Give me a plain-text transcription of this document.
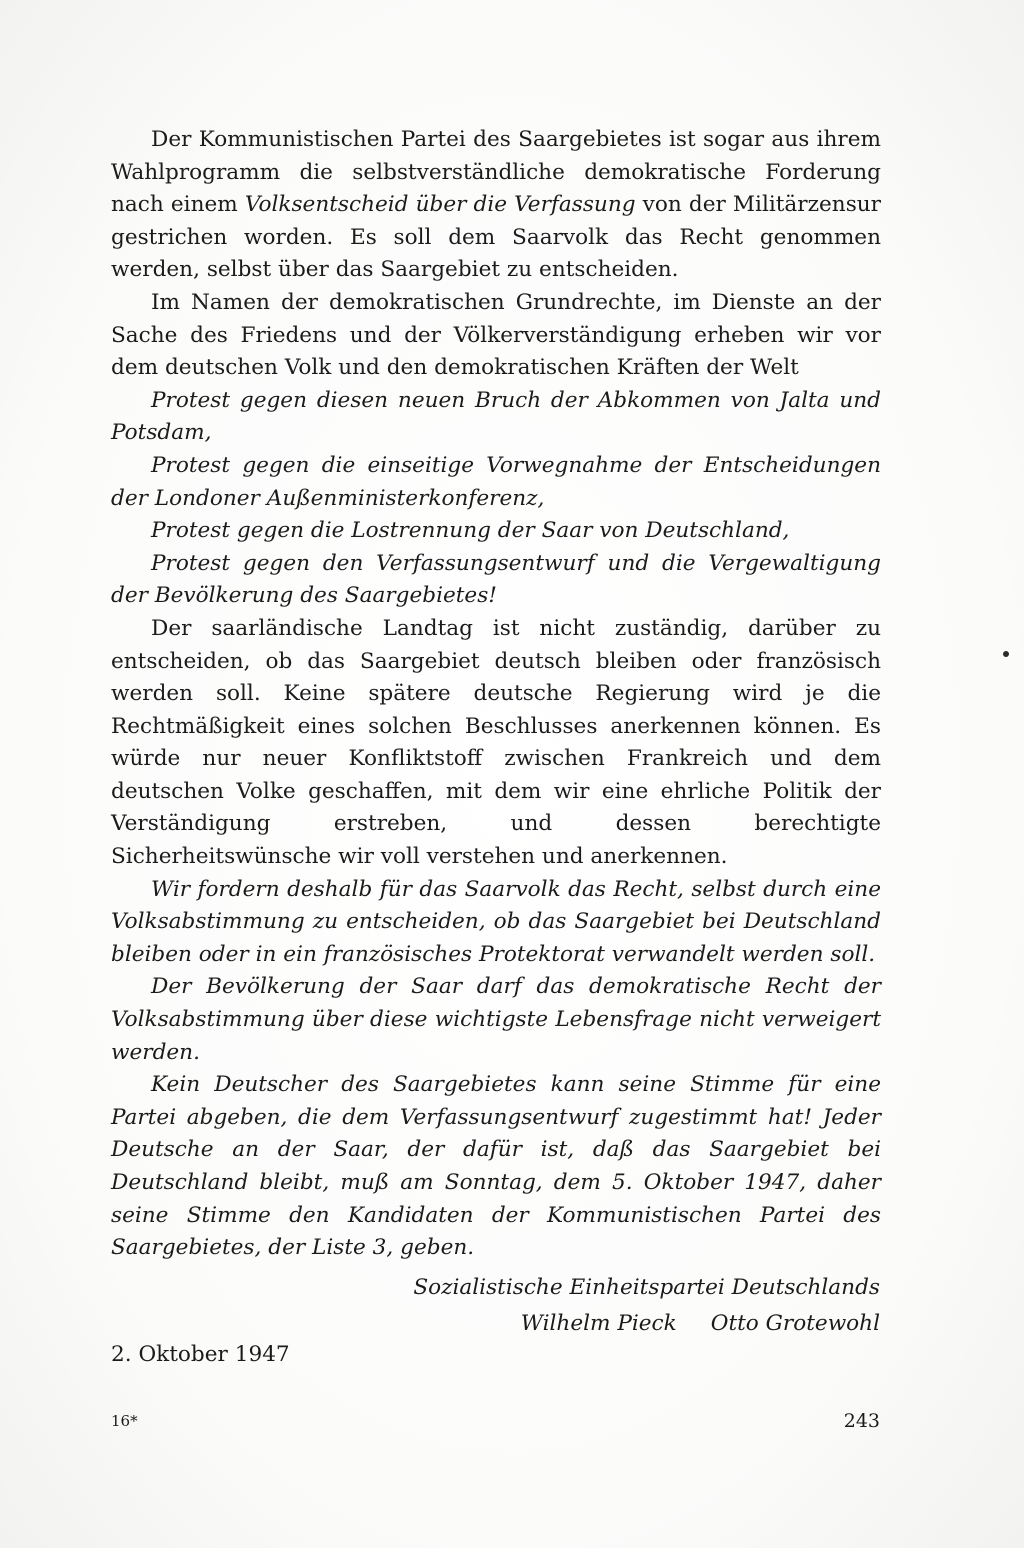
Der Kommunistischen Partei des Saargebietes ist sogar aus ihrem Wahlprogramm die selbstverständliche demokratische Forderung nach einem Volksentscheid über die Verfassung von der Militärzensur gestrichen worden. Es soll dem Saarvolk das Recht genommen werden, selbst über das Saargebiet zu entscheiden.

Im Namen der demokratischen Grundrechte, im Dienste an der Sache des Friedens und der Völkerverständigung erheben wir vor dem deutschen Volk und den demokratischen Kräften der Welt

Protest gegen diesen neuen Bruch der Abkommen von Jalta und Potsdam,

Protest gegen die einseitige Vorwegnahme der Entscheidungen der Londoner Außenministerkonferenz,

Protest gegen die Lostrennung der Saar von Deutschland,

Protest gegen den Verfassungsentwurf und die Vergewaltigung der Bevölkerung des Saargebietes!

Der saarländische Landtag ist nicht zuständig, darüber zu entscheiden, ob das Saargebiet deutsch bleiben oder französisch werden soll. Keine spätere deutsche Regierung wird je die Rechtmäßigkeit eines solchen Beschlusses anerkennen können. Es würde nur neuer Konfliktstoff zwischen Frankreich und dem deutschen Volke geschaffen, mit dem wir eine ehrliche Politik der Verständigung erstreben, und dessen berechtigte Sicherheitswünsche wir voll verstehen und anerkennen.

Wir fordern deshalb für das Saarvolk das Recht, selbst durch eine Volksabstimmung zu entscheiden, ob das Saargebiet bei Deutschland bleiben oder in ein französisches Protektorat verwandelt werden soll.

Der Bevölkerung der Saar darf das demokratische Recht der Volksabstimmung über diese wichtigste Lebensfrage nicht verweigert werden.

Kein Deutscher des Saargebietes kann seine Stimme für eine Partei abgeben, die dem Verfassungsentwurf zugestimmt hat! Jeder Deutsche an der Saar, der dafür ist, daß das Saargebiet bei Deutschland bleibt, muß am Sonntag, dem 5. Oktober 1947, daher seine Stimme den Kandidaten der Kommunistischen Partei des Saargebietes, der Liste 3, geben.

Sozialistische Einheitspartei Deutschlands
Wilhelm Pieck Otto Grotewohl
2. Oktober 1947
16*	243
